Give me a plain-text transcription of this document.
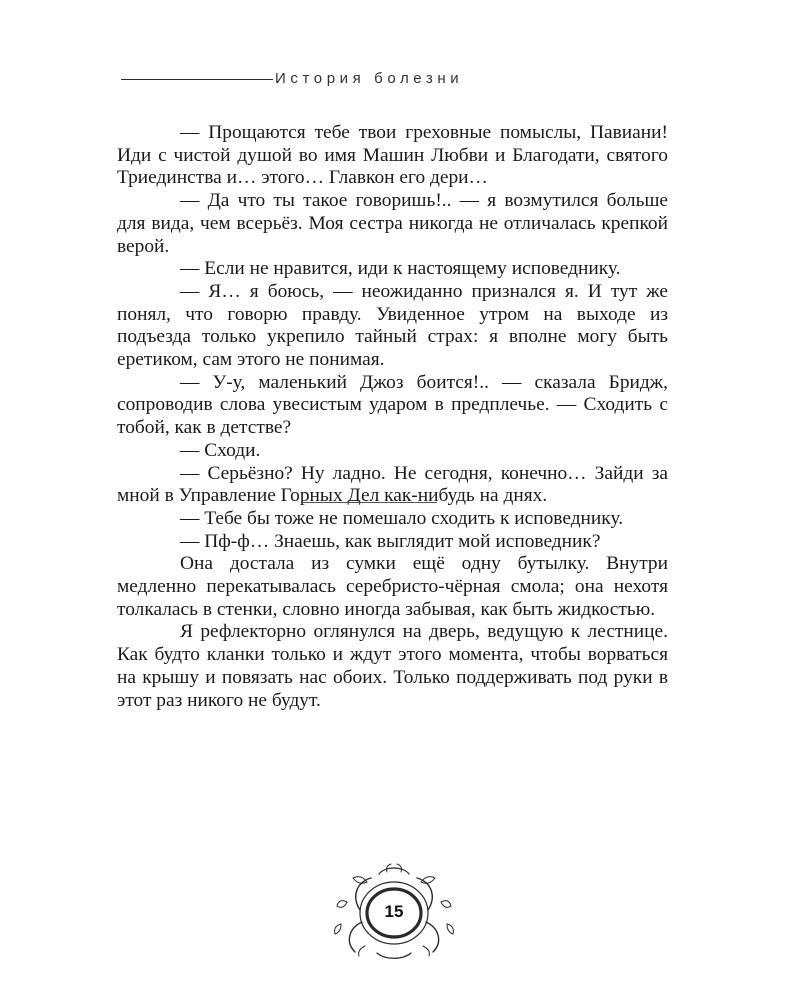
История болезни

— Прощаются тебе твои греховные помыслы, Павиани! Иди с чистой душой во имя Машин Любви и Благодати, святого Триединства и… этого… Главкон его дери…

— Да что ты такое говоришь!.. — я возмутился больше для вида, чем всерьёз. Моя сестра никогда не отличалась крепкой верой.

— Если не нравится, иди к настоящему исповеднику.

— Я… я боюсь, — неожиданно признался я. И тут же понял, что говорю правду. Увиденное утром на выходе из подъезда только укрепило тайный страх: я вполне могу быть еретиком, сам этого не понимая.

— У-у, маленький Джоз боится!.. — сказала Бридж, сопроводив слова увесистым ударом в предплечье. — Сходить с тобой, как в детстве?

— Сходи.

— Серьёзно? Ну ладно. Не сегодня, конечно… Зайди за мной в Управление Горных Дел как-нибудь на днях.

— Тебе бы тоже не помешало сходить к исповеднику.

— Пф-ф… Знаешь, как выглядит мой исповедник?

Она достала из сумки ещё одну бутылку. Внутри медленно перекатывалась серебристо-чёрная смола; она нехотя толкалась в стенки, словно иногда забывая, как быть жидкостью.

Я рефлекторно оглянулся на дверь, ведущую к лестнице. Как будто кланки только и ждут этого момента, чтобы ворваться на крышу и повязать нас обоих. Только поддерживать под руки в этот раз никого не будут.

15
